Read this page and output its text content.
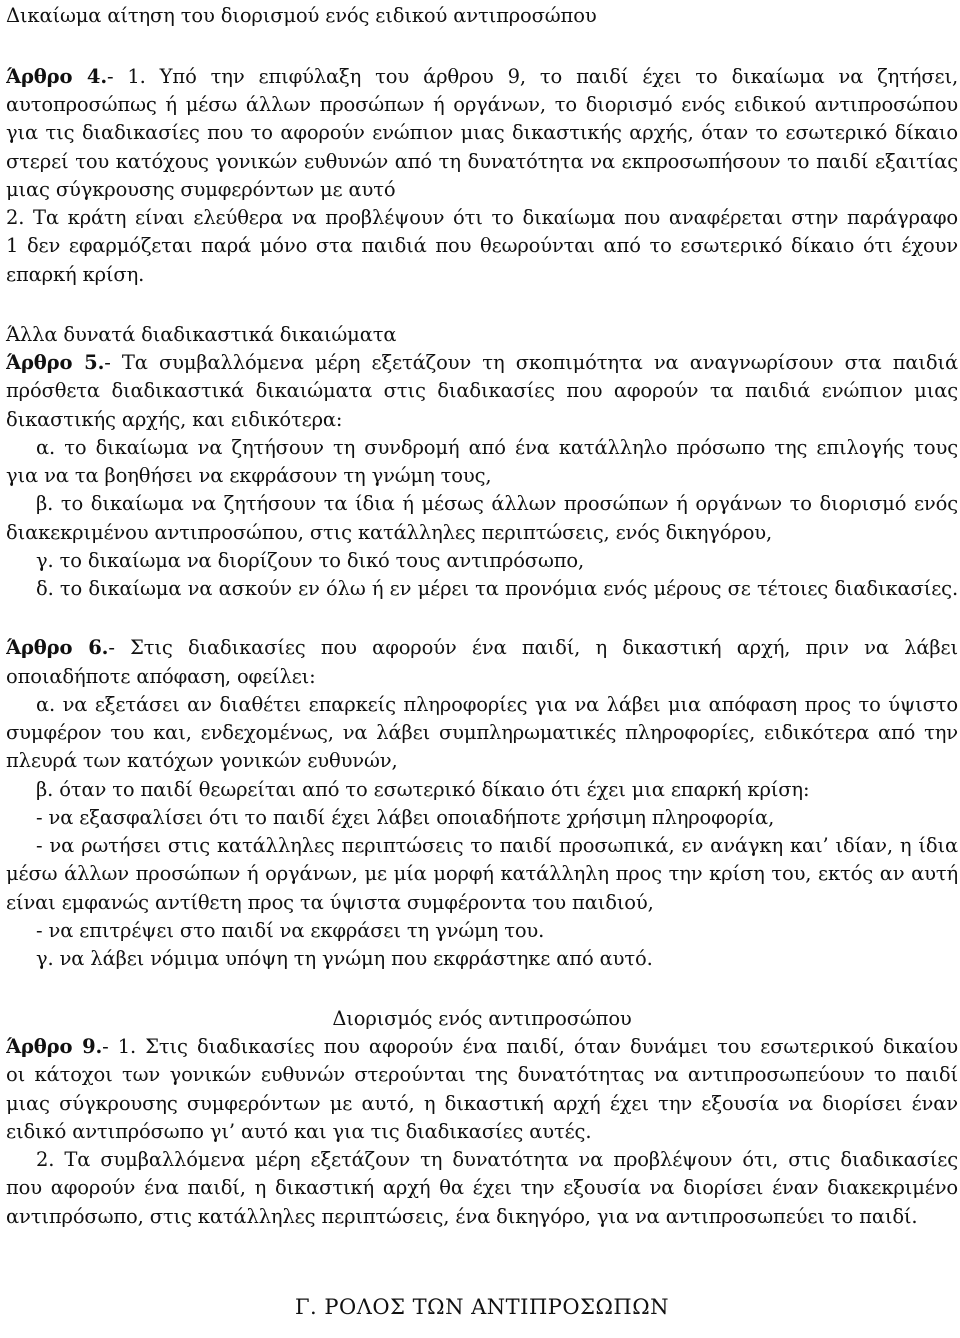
Δικαίωμα αίτηση του διορισμού ενός ειδικού αντιπροσώπου
Άρθρο 4.- 1. Υπό την επιφύλαξη του άρθρου 9, το παιδί έχει το δικαίωμα να ζητήσει,
αυτοπροσώπως ή μέσω άλλων προσώπων ή οργάνων, το διορισμό ενός ειδικού αντιπροσώπου
για τις διαδικασίες που το αφορούν ενώπιον μιας δικαστικής αρχής, όταν το εσωτερικό δίκαιο
στερεί του κατόχους γονικών ευθυνών από τη δυνατότητα να εκπροσωπήσουν το παιδί εξαιτίας
μιας σύγκρουσης συμφερόντων με αυτό
2. Τα κράτη είναι ελεύθερα να προβλέψουν ότι το δικαίωμα που αναφέρεται στην παράγραφο
1 δεν εφαρμόζεται παρά μόνο στα παιδιά που θεωρούνται από το εσωτερικό δίκαιο ότι έχουν
επαρκή κρίση.
Άλλα δυνατά διαδικαστικά δικαιώματα
Άρθρο 5.- Τα συμβαλλόμενα μέρη εξετάζουν τη σκοπιμότητα να αναγνωρίσουν στα παιδιά
πρόσθετα διαδικαστικά δικαιώματα στις διαδικασίες που αφορούν τα παιδιά ενώπιον μιας
δικαστικής αρχής, και ειδικότερα:
α. το δικαίωμα να ζητήσουν τη συνδρομή από ένα κατάλληλο πρόσωπο της επιλογής τους
για να τα βοηθήσει να εκφράσουν τη γνώμη τους,
β. το δικαίωμα να ζητήσουν τα ίδια ή μέσως άλλων προσώπων ή οργάνων το διορισμό ενός
διακεκριμένου αντιπροσώπου, στις κατάλληλες περιπτώσεις, ενός δικηγόρου,
γ. το δικαίωμα να διορίζουν το δικό τους αντιπρόσωπο,
δ. το δικαίωμα να ασκούν εν όλω ή εν μέρει τα προνόμια ενός μέρους σε τέτοιες διαδικασίες.
Άρθρο 6.- Στις διαδικασίες που αφορούν ένα παιδί, η δικαστική αρχή, πριν να λάβει
οποιαδήποτε απόφαση, οφείλει:
α. να εξετάσει αν διαθέτει επαρκείς πληροφορίες για να λάβει μια απόφαση προς το ύψιστο
συμφέρον του και, ενδεχομένως, να λάβει συμπληρωματικές πληροφορίες, ειδικότερα από την
πλευρά των κατόχων γονικών ευθυνών,
β. όταν το παιδί θεωρείται από το εσωτερικό δίκαιο ότι έχει μια επαρκή κρίση:
- να εξασφαλίσει ότι το παιδί έχει λάβει οποιαδήποτε χρήσιμη πληροφορία,
- να ρωτήσει στις κατάλληλες περιπτώσεις το παιδί προσωπικά, εν ανάγκη και’ ιδίαν, η ίδια
μέσω άλλων προσώπων ή οργάνων, με μία μορφή κατάλληλη προς την κρίση του, εκτός αν αυτή
είναι εμφανώς αντίθετη προς τα ύψιστα συμφέροντα του παιδιού,
- να επιτρέψει στο παιδί να εκφράσει τη γνώμη του.
γ. να λάβει νόμιμα υπόψη τη γνώμη που εκφράστηκε από αυτό.
Διορισμός ενός αντιπροσώπου
Άρθρο 9.- 1. Στις διαδικασίες που αφορούν ένα παιδί, όταν δυνάμει του εσωτερικού δικαίου
οι κάτοχοι των γονικών ευθυνών στερούνται της δυνατότητας να αντιπροσωπεύουν το παιδί
μιας σύγκρουσης συμφερόντων με αυτό, η δικαστική αρχή έχει την εξουσία να διορίσει έναν
ειδικό αντιπρόσωπο γι’ αυτό και για τις διαδικασίες αυτές.
2. Τα συμβαλλόμενα μέρη εξετάζουν τη δυνατότητα να προβλέψουν ότι, στις διαδικασίες
που αφορούν ένα παιδί, η δικαστική αρχή θα έχει την εξουσία να διορίσει έναν διακεκριμένο
αντιπρόσωπο, στις κατάλληλες περιπτώσεις, ένα δικηγόρο, για να αντιπροσωπεύει το παιδί.
Γ. ΡΟΛΟΣ ΤΩΝ ΑΝΤΙΠΡΟΣΩΠΩΝ
